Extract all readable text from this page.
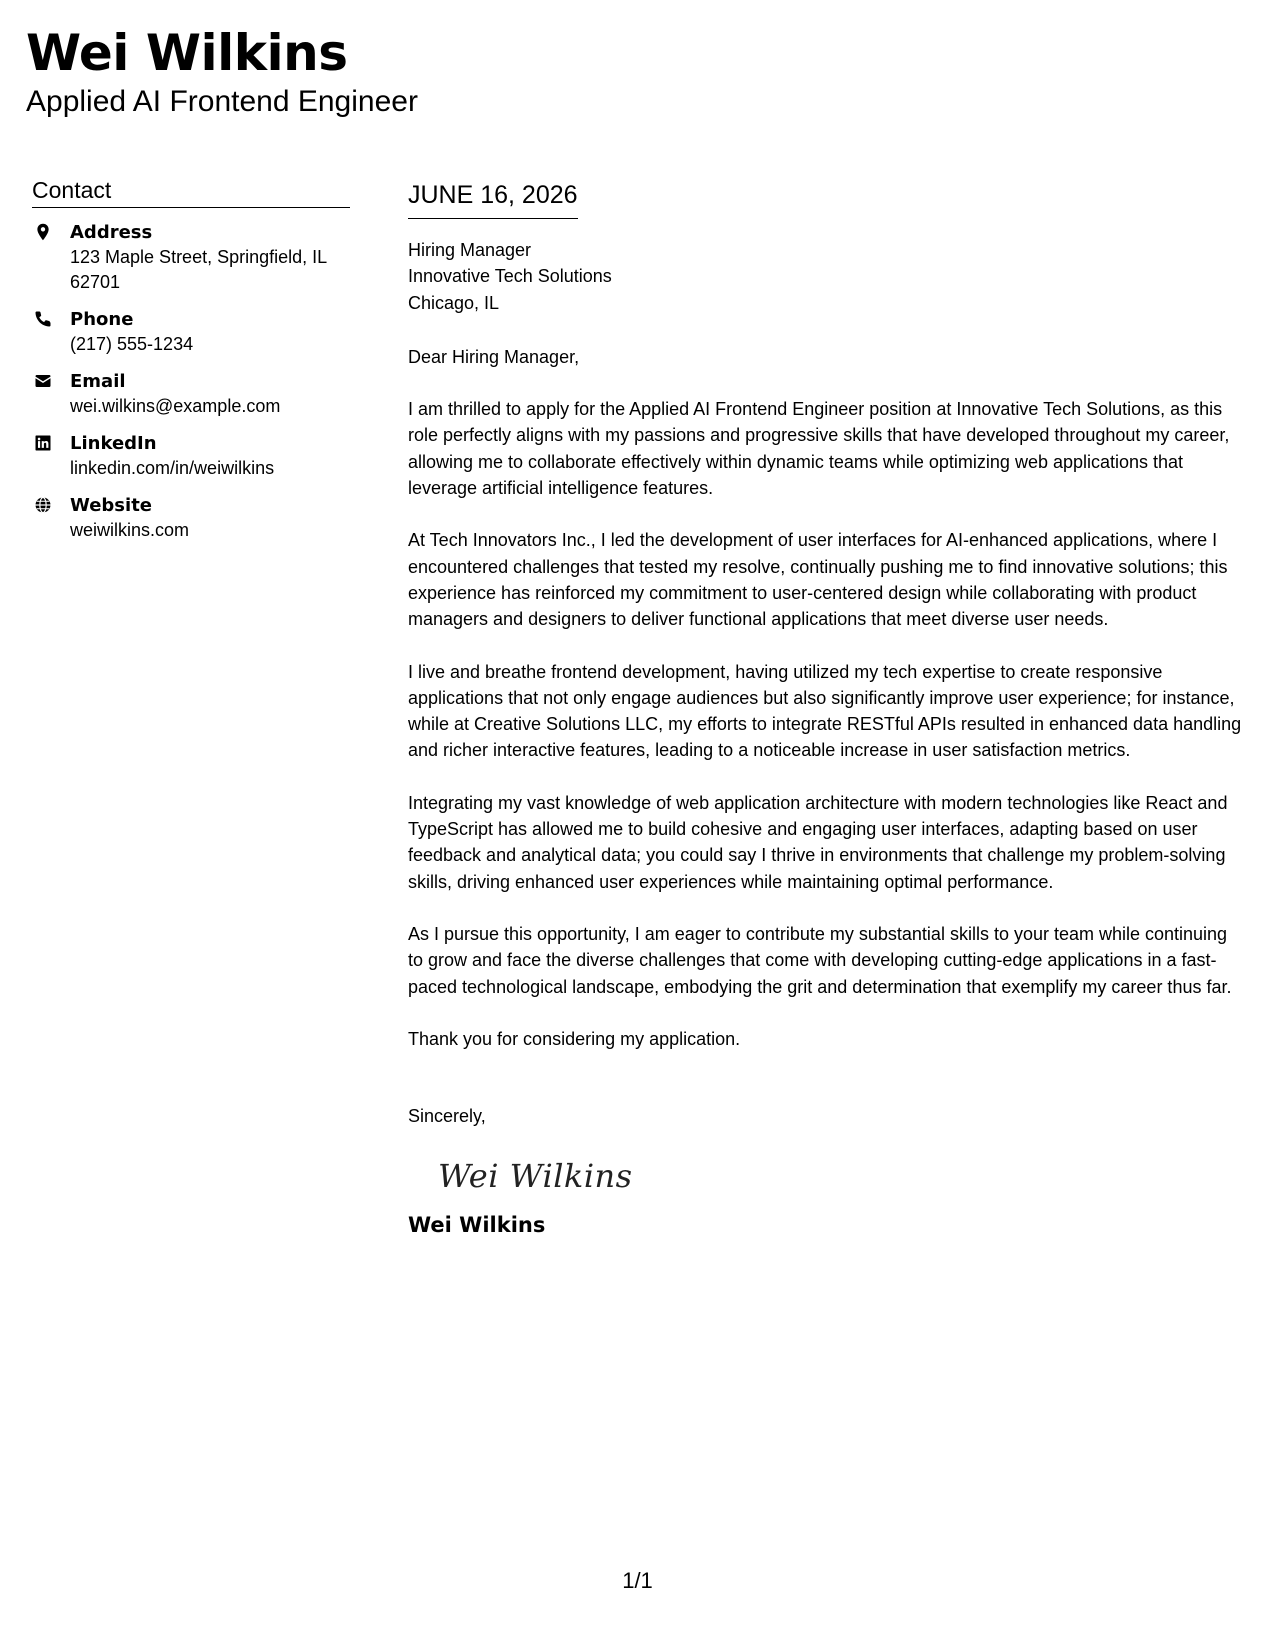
Wei Wilkins
Applied AI Frontend Engineer
Contact
Address
123 Maple Street, Springfield, IL 62701
Phone
(217) 555-1234
Email
wei.wilkins@example.com
LinkedIn
linkedin.com/in/weiwilkins
Website
weiwilkins.com
JUNE 16, 2026
Hiring Manager
Innovative Tech Solutions
Chicago, IL
Dear Hiring Manager,
I am thrilled to apply for the Applied AI Frontend Engineer position at Innovative Tech Solutions, as this role perfectly aligns with my passions and progressive skills that have developed throughout my career, allowing me to collaborate effectively within dynamic teams while optimizing web applications that leverage artificial intelligence features.
At Tech Innovators Inc., I led the development of user interfaces for AI-enhanced applications, where I encountered challenges that tested my resolve, continually pushing me to find innovative solutions; this experience has reinforced my commitment to user-centered design while collaborating with product managers and designers to deliver functional applications that meet diverse user needs.
I live and breathe frontend development, having utilized my tech expertise to create responsive applications that not only engage audiences but also significantly improve user experience; for instance, while at Creative Solutions LLC, my efforts to integrate RESTful APIs resulted in enhanced data handling and richer interactive features, leading to a noticeable increase in user satisfaction metrics.
Integrating my vast knowledge of web application architecture with modern technologies like React and TypeScript has allowed me to build cohesive and engaging user interfaces, adapting based on user feedback and analytical data; you could say I thrive in environments that challenge my problem-solving skills, driving enhanced user experiences while maintaining optimal performance.
As I pursue this opportunity, I am eager to contribute my substantial skills to your team while continuing to grow and face the diverse challenges that come with developing cutting-edge applications in a fast-paced technological landscape, embodying the grit and determination that exemplify my career thus far.
Thank you for considering my application.
Sincerely,
Wei Wilkins
Wei Wilkins
1/1
